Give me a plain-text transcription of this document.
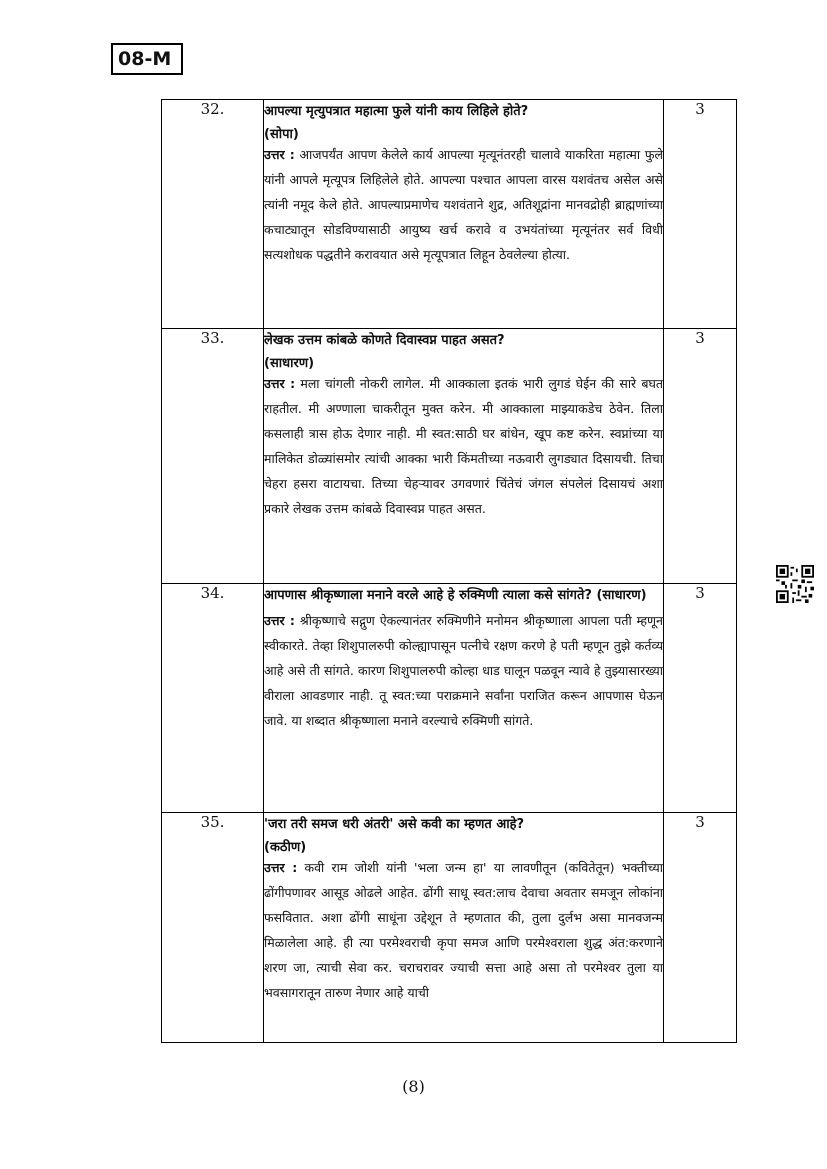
08-M
32.	आपल्या मृत्युपत्रात महात्मा फुले यांनी काय लिहिले होते?
(सोपा)

उत्तर : आजपर्यंत आपण केलेले कार्य आपल्या मृत्यूनंतरही चालावे याकरिता महात्मा फुले यांनी आपले मृत्यूपत्र लिहिलेले होते. आपल्या पश्चात आपला वारस यशवंतच असेल असे त्यांनी नमूद केले होते. आपल्याप्रमाणेच यशवंताने शुद्र, अतिशूद्रांना मानवद्रोही ब्राह्मणांच्या कचाट्यातून सोडविण्यासाठी आयुष्य खर्च करावे व उभयंतांच्या मृत्यूनंतर सर्व विधी सत्यशोधक पद्धतीने करावयात असे मृत्यूपत्रात लिहून ठेवलेल्या होत्या.	3
33.	लेखक उत्तम कांबळे कोणते दिवास्वप्न पाहत असत?
(साधारण)

उत्तर : मला चांगली नोकरी लागेल. मी आक्काला इतकं भारी लुगडं घेईन की सारे बघत राहतील. मी अण्णाला चाकरीतून मुक्त करेन. मी आक्काला माझ्याकडेच ठेवेन. तिला कसलाही त्रास होऊ देणार नाही. मी स्वत:साठी घर बांधेन, खूप कष्ट करेन. स्वप्नांच्या या मालिकेत डोळ्यांसमोर त्यांची आक्का भारी किंमतीच्या नऊवारी लुगड्यात दिसायची. तिचा चेहरा हसरा वाटायचा. तिच्या चेहऱ्यावर उगवणारं चिंतेचं जंगल संपलेलं दिसायचं अशा प्रकारे लेखक उत्तम कांबळे दिवास्वप्न पाहत असत.	3
34.	आपणास श्रीकृष्णाला मनाने वरले आहे हे रुक्मिणी त्याला कसे सांगते? (साधारण)

उत्तर : श्रीकृष्णाचे सद्गुण ऐकल्यानंतर रुक्मिणीने मनोमन श्रीकृष्णाला आपला पती म्हणून स्वीकारते. तेव्हा शिशुपालरुपी कोल्ह्यापासून पत्नीचे रक्षण करणे हे पती म्हणून तुझे कर्तव्य आहे असे ती सांगते. कारण शिशुपालरुपी कोल्हा धाड घालून पळवून न्यावे हे तुझ्यासारख्या वीराला आवडणार नाही. तू स्वत:च्या पराक्रमाने सर्वांना पराजित करून आपणास घेऊन जावे. या शब्दात श्रीकृष्णाला मनाने वरल्याचे रुक्मिणी सांगते.	3
35.	'जरा तरी समज धरी अंतरी' असे कवी का म्हणत आहे?
(कठीण)

उत्तर : कवी राम जोशी यांनी 'भला जन्म हा' या लावणीतून (कवितेतून) भक्तीच्या ढोंगीपणावर आसूड ओढले आहेत. ढोंगी साधू स्वत:लाच देवाचा अवतार समजून लोकांना फसवितात. अशा ढोंगी साधूंना उद्देशून ते म्हणतात की, तुला दुर्लभ असा मानवजन्म मिळालेला आहे. ही त्या परमेश्वराची कृपा समज आणि परमेश्वराला शुद्ध अंत:करणाने शरण जा, त्याची सेवा कर. चराचरावर ज्याची सत्ता आहे असा तो परमेश्वर तुला या भवसागरातून तारुण नेणार आहे याची	3
(8)
